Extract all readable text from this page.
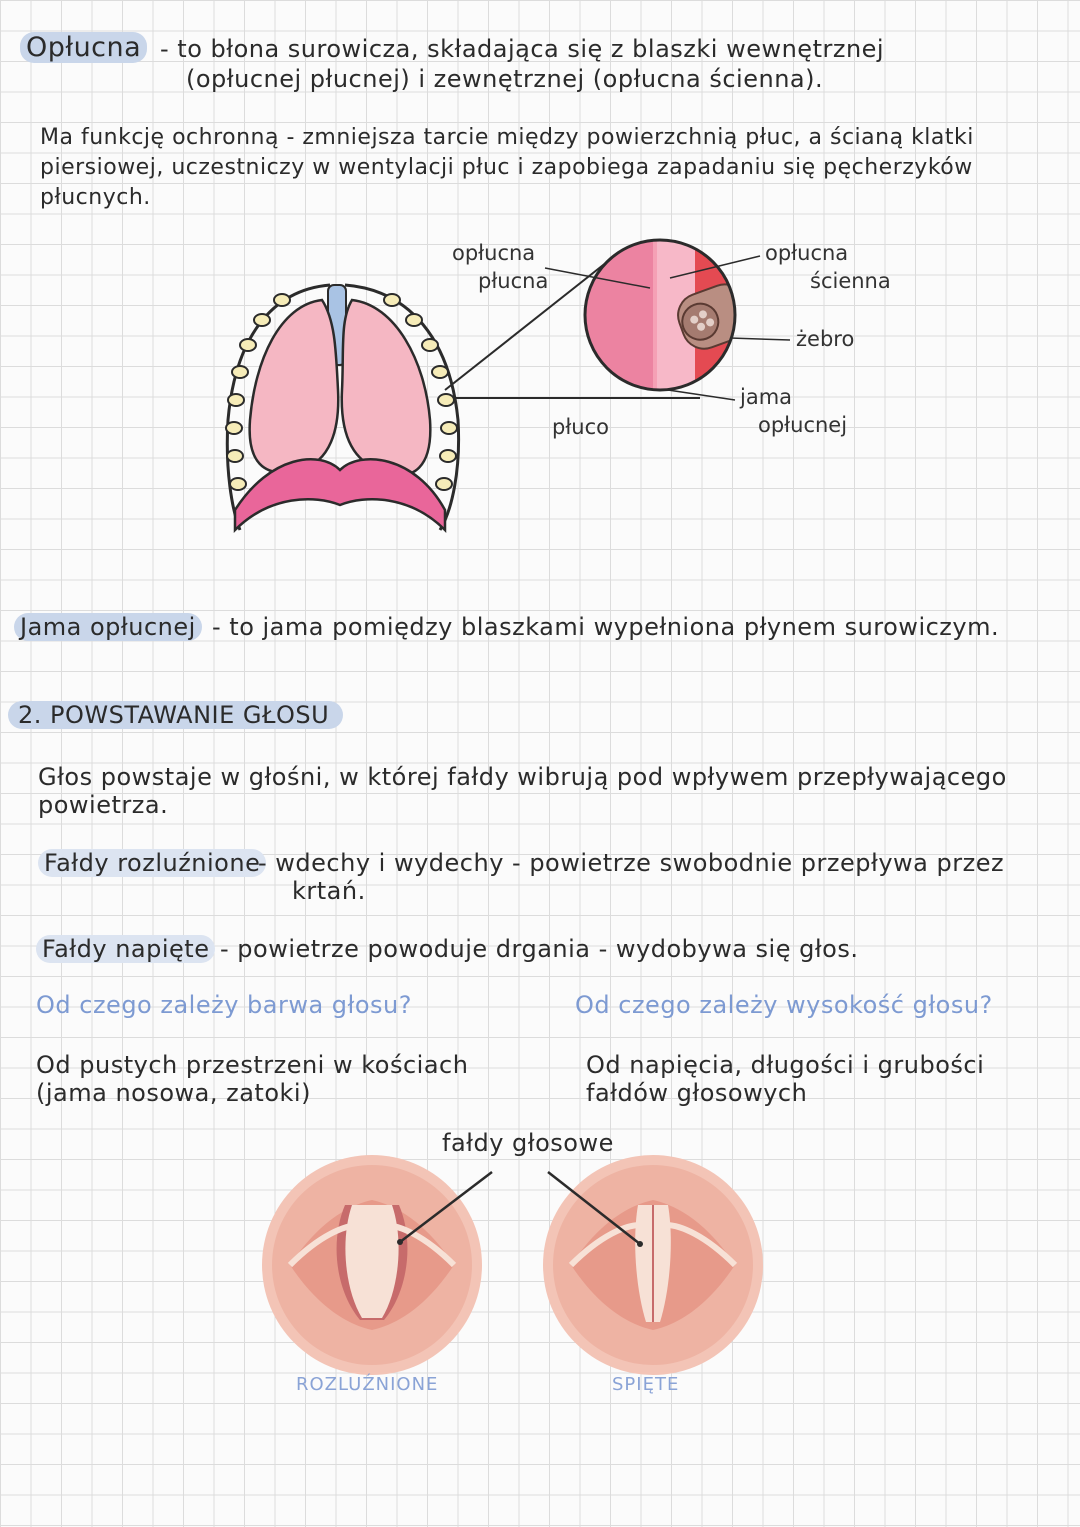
Opłucna - to błona surowicza, składająca się z blaszki wewnętrznej
(opłucnej płucnej) i zewnętrznej (opłucna ścienna).
Ma funkcję ochronną - zmniejsza tarcie między powierzchnią płuc, a ścianą klatki
piersiowej, uczestniczy w wentylacji płuc i zapobiega zapadaniu się pęcherzyków
płucnych.
opłucna
płucna
opłucna
ścienna
żebro
płuco
jama
opłucnej
Jama opłucnej - to jama pomiędzy blaszkami wypełniona płynem surowiczym.
2. POWSTAWANIE GŁOSU
Głos powstaje w głośni, w której fałdy wibrują pod wpływem przepływającego
powietrza.
Fałdy rozluźnione
- wdechy i wydechy - powietrze swobodnie przepływa przez
krtań.
Fałdy napięte - powietrze powoduje drgania - wydobywa się głos.
Od czego zależy barwa głosu?	Od czego zależy wysokość głosu?
Od pustych przestrzeni w kościach
(jama nosowa, zatoki)
Od napięcia, długości i grubości
fałdów głosowych
fałdy głosowe
ROZLUŹNIONE	SPIĘTE
